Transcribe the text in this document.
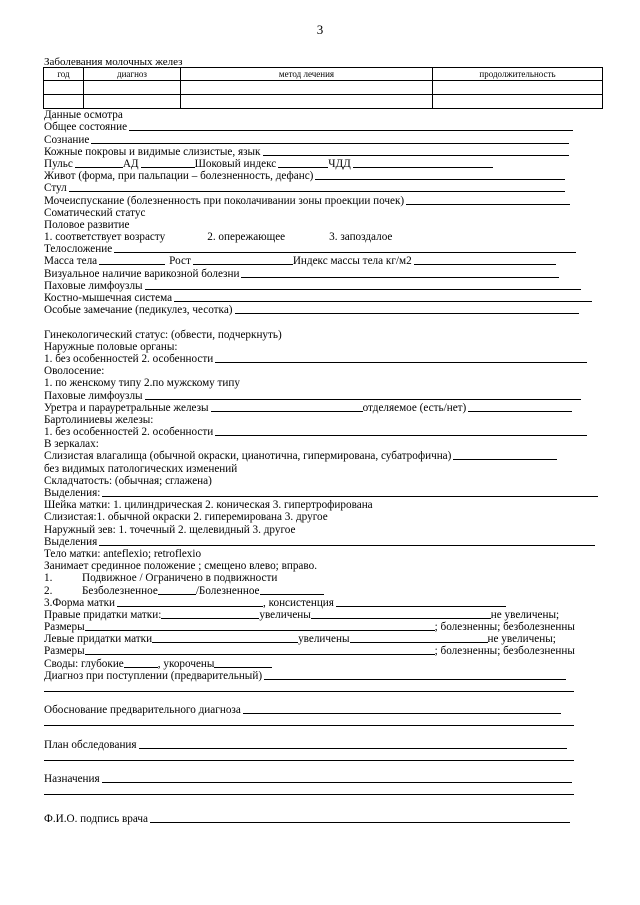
3
Заболевания молочных желез
год	диагноз	метод лечения	продолжительность

Данные осмотра
Общее состояние
Сознание
Кожные покровы и видимые слизистые, язык
Пульс	АД	Шоковый индекс	ЧДД
Живот (форма, при пальпации – болезненность, дефанс)
Стул
Мочеиспускание (болезненность при поколачивании зоны проекции почек)
Соматический статус
Половое развитие
1. соответствует возрасту	2. опережающее	3. запоздалое
Телосложение
Масса тела	Рост	Индекс массы тела кг/м2
Визуальное наличие варикозной болезни
Паховые лимфоузлы
Костно-мышечная система
Особые замечание (педикулез, чесотка)
Гинекологический статус: (обвести, подчеркнуть)
Наружные половые органы:
1. без особенностей 2. особенности
Оволосение:
1. по женскому типу 2.по мужскому типу
Паховые лимфоузлы
Уретра и парауретральные железы	отделяемое (есть/нет)
Бартолиниевы железы:
1. без особенностей 2. особенности
В зеркалах:
Слизистая влагалища (обычной окраски, цианотична, гипермирована, субатрофична)
без видимых патологических изменений
Складчатость: (обычная; сглажена)
Выделения:
Шейка матки: 1. цилиндрическая 2. коническая 3. гипертрофирована
Слизистая:1. обычной окраски 2. гиперемирована 3. другое
Наружный зев: 1. точечный 2. щелевидный 3. другое
Выделения
Тело матки: anteflexio; retroflexio
Занимает срединное положение ; смещено влево; вправо.
1.	Подвижное / Ограничено в подвижности
2.	Безболезненное	/Болезненное
3.Форма матки	, консистенция
Правые придатки матки:	увеличены	не увеличены;
Размеры	; болезненны; безболезненны
Левые придатки матки	увеличены	не увеличены;
Размеры	; болезненны; безболезненны
Своды: глубокие	, укорочены
Диагноз при поступлении (предварительный)
Обоснование предварительного диагноза
План обследования
Назначения
Ф.И.О. подпись врача
